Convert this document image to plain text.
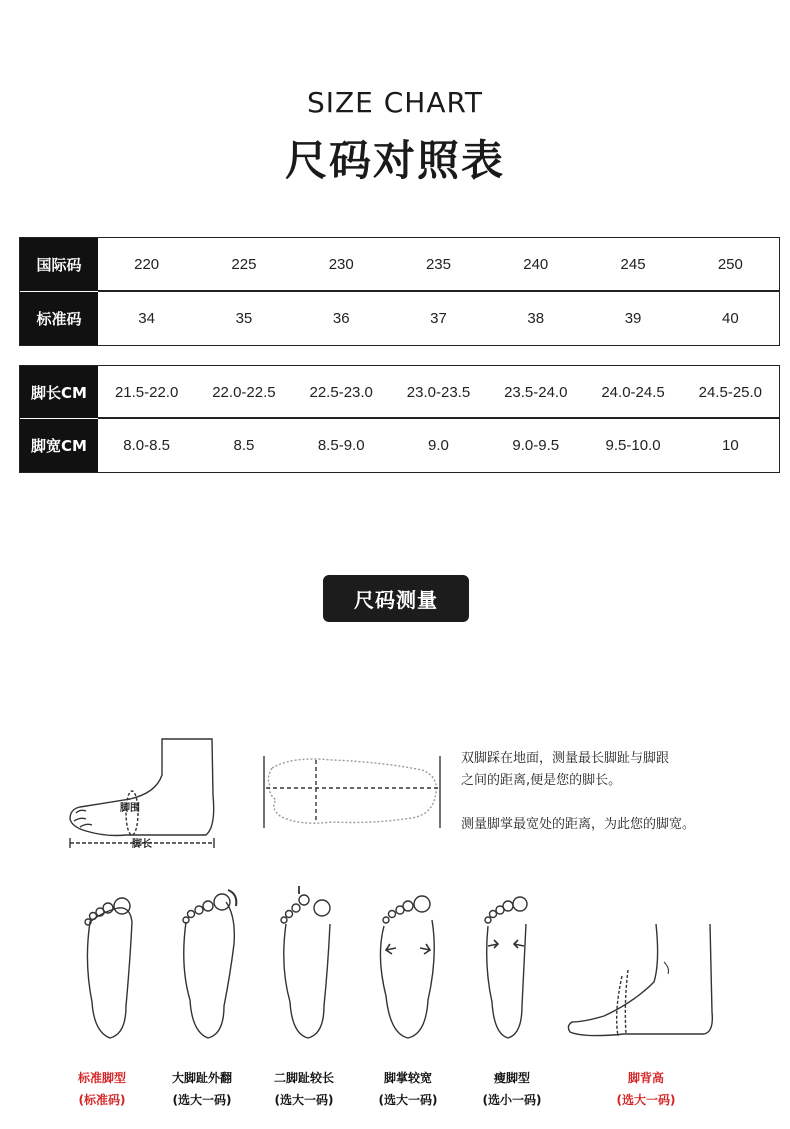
SIZE CHART
尺码对照表
国际码	220	225	230	235	240	245	250
标准码	34	35	36	37	38	39	40
脚长CM	21.5-22.0	22.0-22.5	22.5-23.0	23.0-23.5	23.5-24.0	24.0-24.5	24.5-25.0
脚宽CM	8.0-8.5	8.5	8.5-9.0	9.0	9.0-9.5	9.5-10.0	10
尺码测量
脚围
脚长
双脚踩在地面，测量最长脚趾与脚跟
之间的距离,便是您的脚长。
测量脚掌最宽处的距离，为此您的脚宽。
标准脚型
(标准码)
大脚趾外翻
(选大一码)
二脚趾较长
(选大一码)
脚掌较宽
(选大一码)
瘦脚型
(选小一码)
脚背高
(选大一码)
